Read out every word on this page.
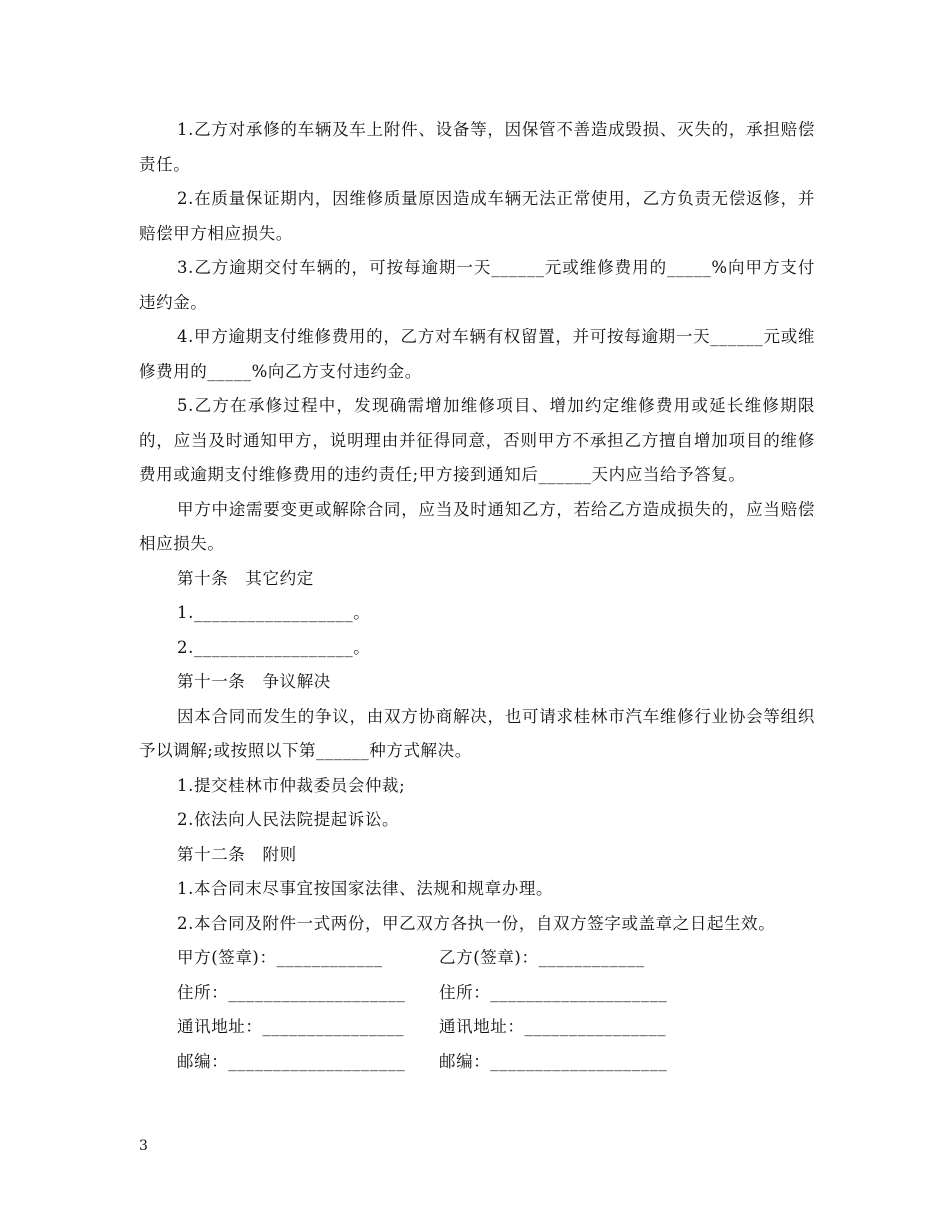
1.乙方对承修的车辆及车上附件、设备等，因保管不善造成毁损、灭失的，承担赔偿责任。

2.在质量保证期内，因维修质量原因造成车辆无法正常使用，乙方负责无偿返修，并赔偿甲方相应损失。

3.乙方逾期交付车辆的，可按每逾期一天______元或维修费用的_____%向甲方支付违约金。

4.甲方逾期支付维修费用的，乙方对车辆有权留置，并可按每逾期一天______元或维修费用的_____%向乙方支付违约金。

5.乙方在承修过程中，发现确需增加维修项目、增加约定维修费用或延长维修期限的，应当及时通知甲方，说明理由并征得同意，否则甲方不承担乙方擅自增加项目的维修费用或逾期支付维修费用的违约责任;甲方接到通知后______天内应当给予答复。

甲方中途需要变更或解除合同，应当及时通知乙方，若给乙方造成损失的，应当赔偿相应损失。

第十条　其它约定

1.__________________。

2.__________________。

第十一条　争议解决

因本合同而发生的争议，由双方协商解决，也可请求桂林市汽车维修行业协会等组织予以调解;或按照以下第______种方式解决。

1.提交桂林市仲裁委员会仲裁;

2.依法向人民法院提起诉讼。

第十二条　附则

1.本合同末尽事宜按国家法律、法规和规章办理。

2.本合同及附件一式两份，甲乙双方各执一份，自双方签字或盖章之日起生效。

甲方(签章)：____________	乙方(签章)：____________
住所：____________________	住所：____________________
通讯地址：________________	通讯地址：________________
邮编：____________________	邮编：____________________
3
